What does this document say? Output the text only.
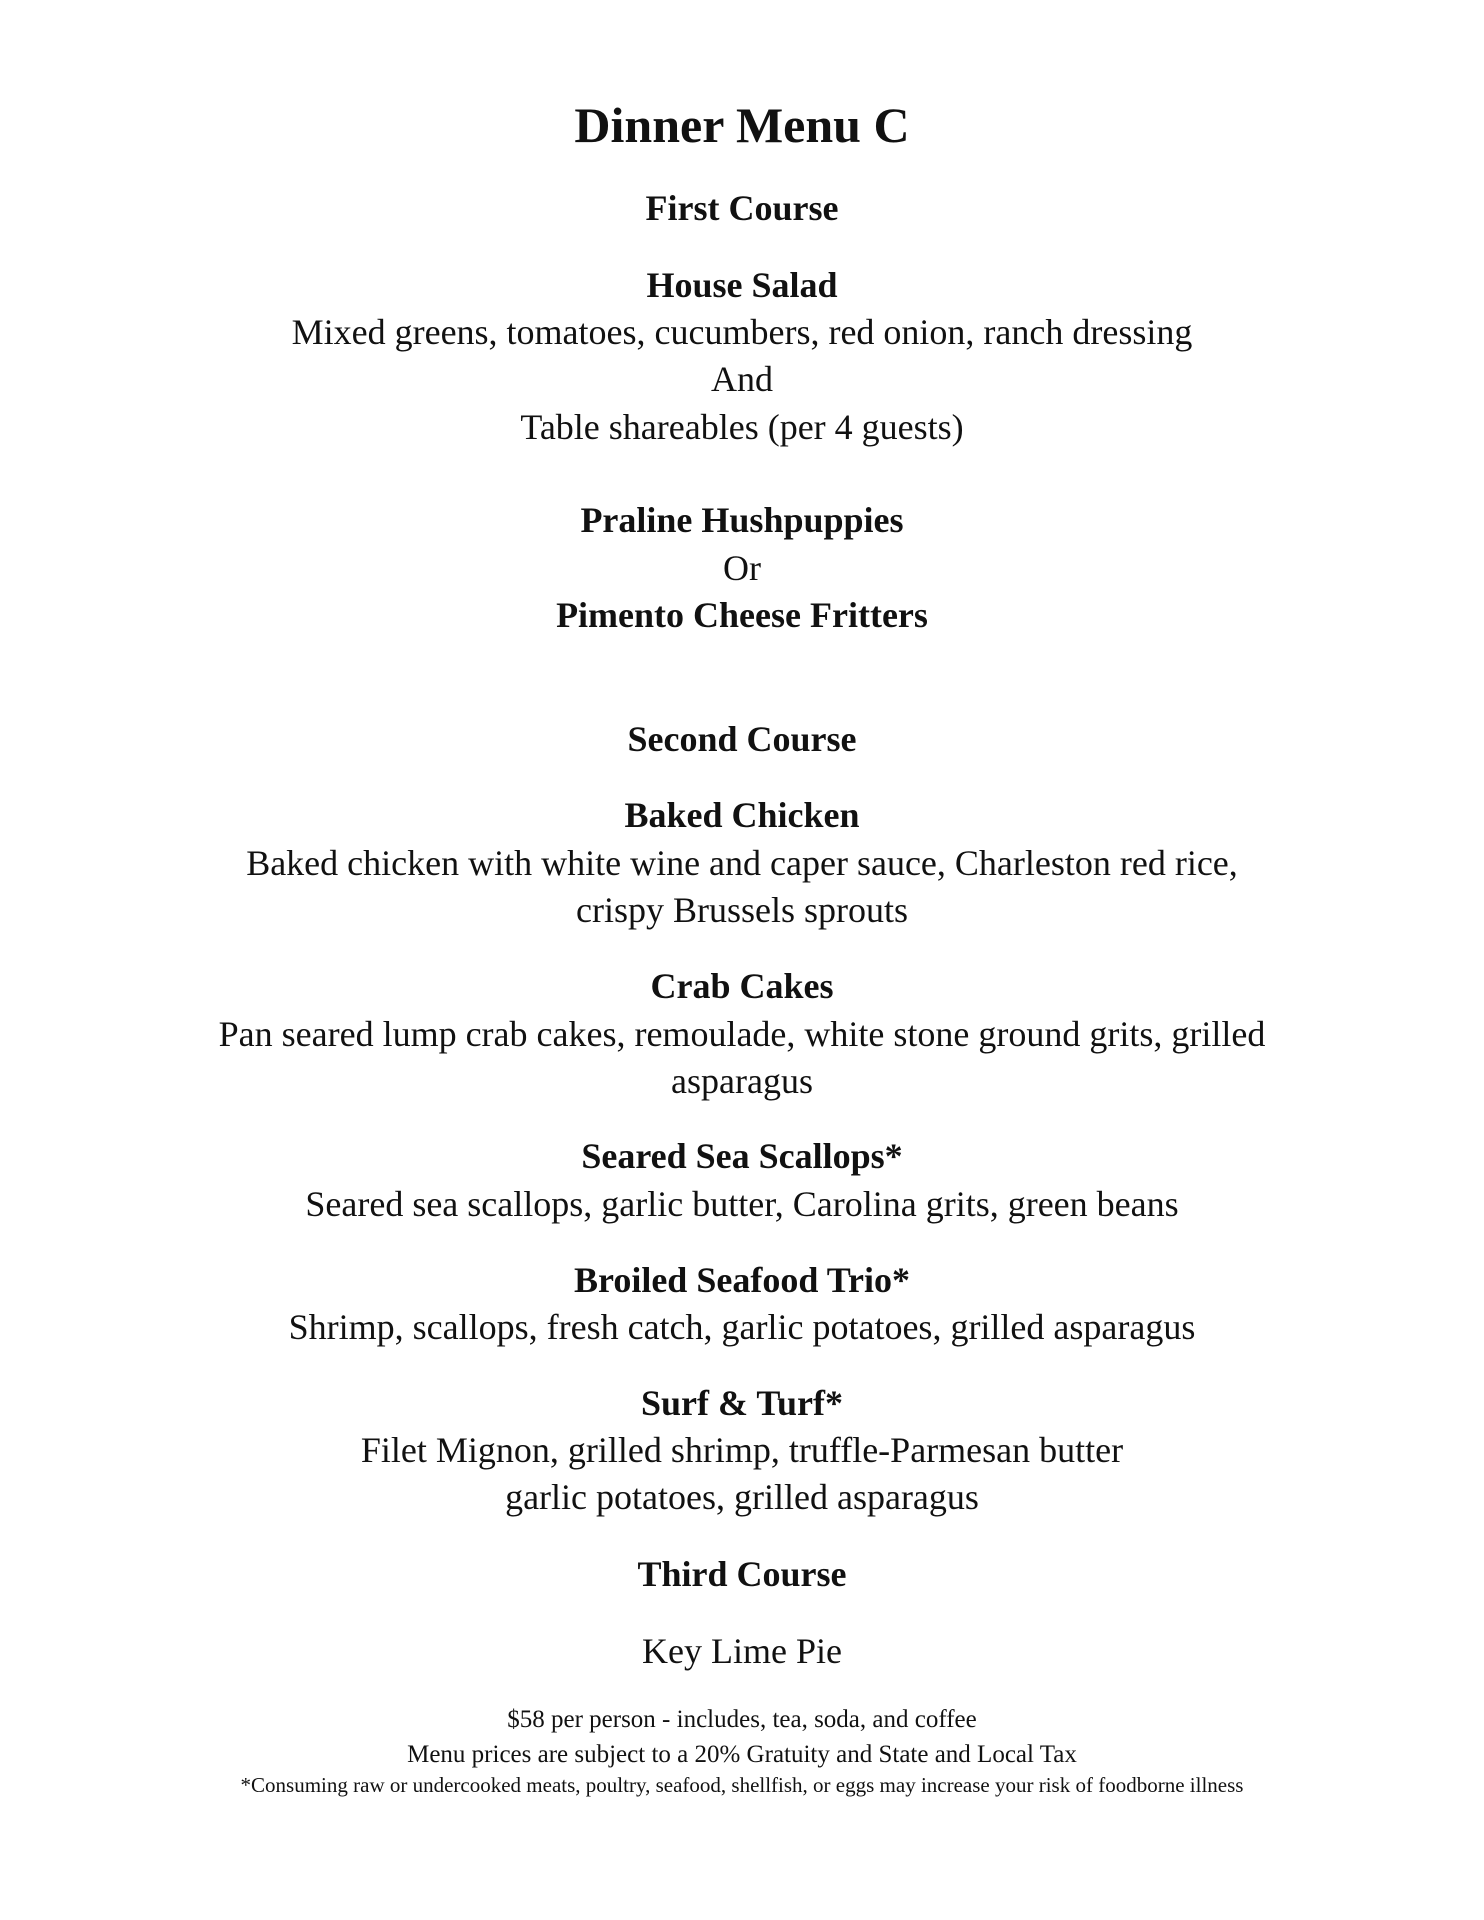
Dinner Menu C
First Course
House Salad
Mixed greens, tomatoes, cucumbers, red onion, ranch dressing
And
Table shareables (per 4 guests)
Praline Hushpuppies
Or
Pimento Cheese Fritters
Second Course
Baked Chicken
Baked chicken with white wine and caper sauce, Charleston red rice,
crispy Brussels sprouts
Crab Cakes
Pan seared lump crab cakes, remoulade, white stone ground grits, grilled
asparagus
Seared Sea Scallops*
Seared sea scallops, garlic butter, Carolina grits, green beans
Broiled Seafood Trio*
Shrimp, scallops, fresh catch, garlic potatoes, grilled asparagus
Surf & Turf*
Filet Mignon, grilled shrimp, truffle-Parmesan butter
garlic potatoes, grilled asparagus
Third Course
Key Lime Pie
$58 per person - includes, tea, soda, and coffee
Menu prices are subject to a 20% Gratuity and State and Local Tax
*Consuming raw or undercooked meats, poultry, seafood, shellfish, or eggs may increase your risk of foodborne illness
